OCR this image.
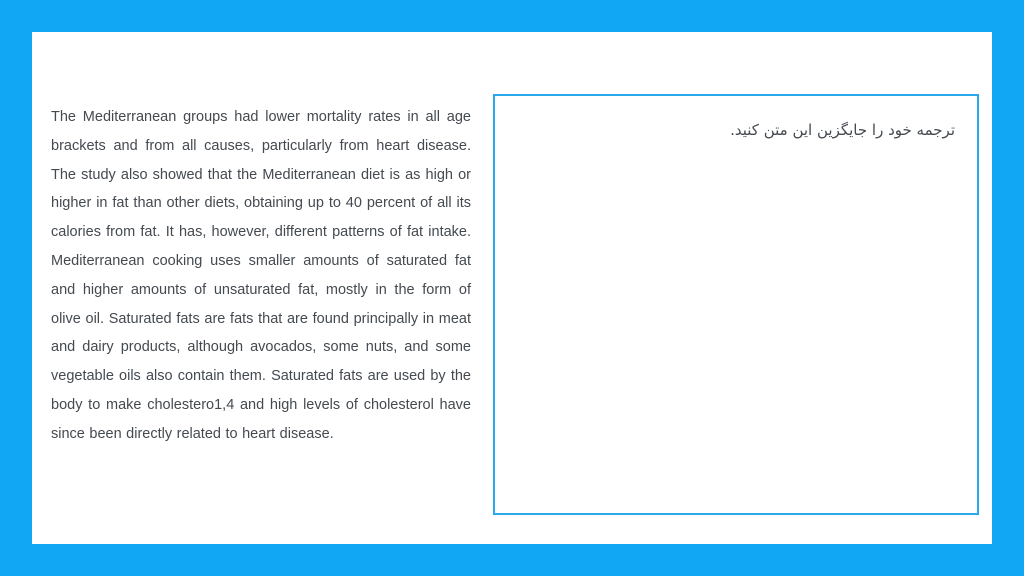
The Mediterranean groups had lower mortality rates in all age brackets and from all causes, particularly from heart disease. The study also showed that the Mediterranean diet is as high or higher in fat than other diets, obtaining up to 40 percent of all its calories from fat. It has, however, different patterns of fat intake. Mediterranean cooking uses smaller amounts of saturated fat and higher amounts of unsaturated fat, mostly in the form of olive oil. Saturated fats are fats that are found principally in meat and dairy products, although avocados, some nuts, and some vegetable oils also contain them. Saturated fats are used by the body to make cholestero1,4 and high levels of cholesterol have since been directly related to heart disease.

ترجمه خود را جایگزین این متن کنید.
